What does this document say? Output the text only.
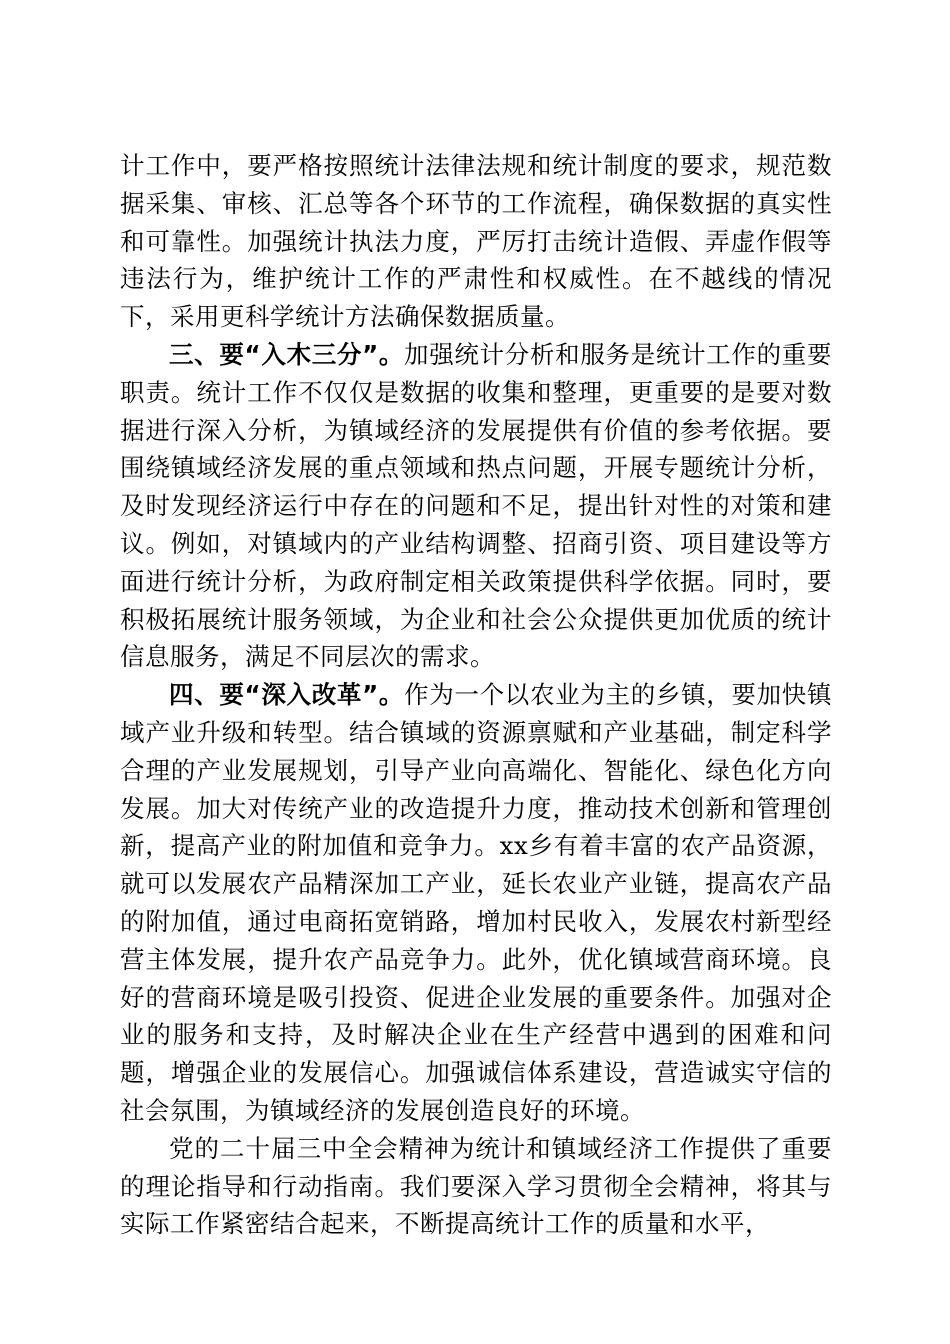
计工作中，要严格按照统计法律法规和统计制度的要求，规范数据采集、审核、汇总等各个环节的工作流程，确保数据的真实性和可靠性。加强统计执法力度，严厉打击统计造假、弄虚作假等违法行为，维护统计工作的严肃性和权威性。在不越线的情况下，采用更科学统计方法确保数据质量。

三、要“入木三分”。加强统计分析和服务是统计工作的重要职责。统计工作不仅仅是数据的收集和整理，更重要的是要对数据进行深入分析，为镇域经济的发展提供有价值的参考依据。要围绕镇域经济发展的重点领域和热点问题，开展专题统计分析，及时发现经济运行中存在的问题和不足，提出针对性的对策和建议。例如，对镇域内的产业结构调整、招商引资、项目建设等方面进行统计分析，为政府制定相关政策提供科学依据。同时，要积极拓展统计服务领域，为企业和社会公众提供更加优质的统计信息服务，满足不同层次的需求。

四、要“深入改革”。作为一个以农业为主的乡镇，要加快镇域产业升级和转型。结合镇域的资源禀赋和产业基础，制定科学合理的产业发展规划，引导产业向高端化、智能化、绿色化方向发展。加大对传统产业的改造提升力度，推动技术创新和管理创新，提高产业的附加值和竞争力。xx乡有着丰富的农产品资源，就可以发展农产品精深加工产业，延长农业产业链，提高农产品的附加值，通过电商拓宽销路，增加村民收入，发展农村新型经营主体发展，提升农产品竞争力。此外，优化镇域营商环境。良好的营商环境是吸引投资、促进企业发展的重要条件。加强对企业的服务和支持，及时解决企业在生产经营中遇到的困难和问题，增强企业的发展信心。加强诚信体系建设，营造诚实守信的社会氛围，为镇域经济的发展创造良好的环境。

党的二十届三中全会精神为统计和镇域经济工作提供了重要的理论指导和行动指南。我们要深入学习贯彻全会精神，将其与实际工作紧密结合起来，不断提高统计工作的质量和水平，
